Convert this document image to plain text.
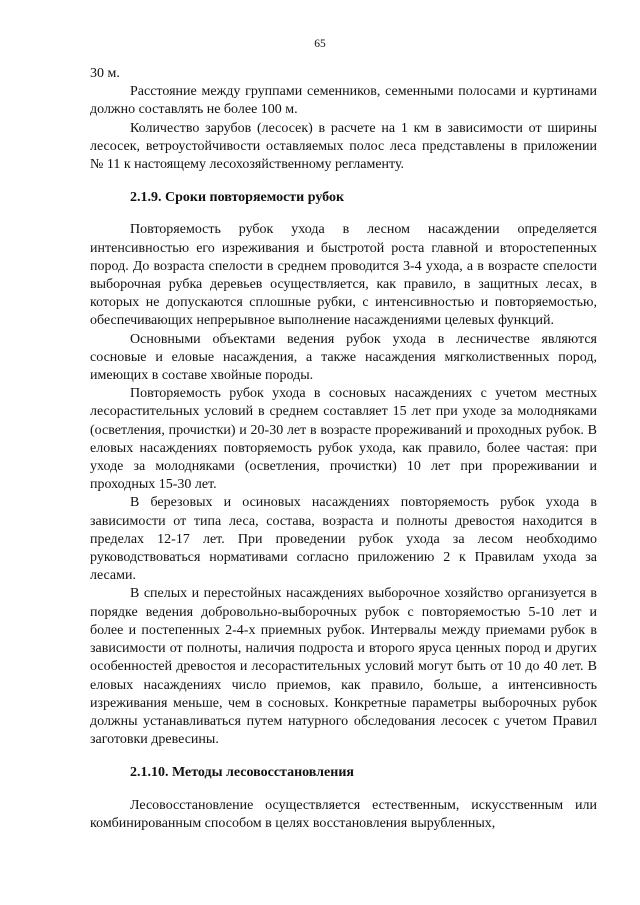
65

30 м.

Расстояние между группами семенников, семенными полосами и куртинами должно составлять не более 100 м.

Количество зарубов (лесосек) в расчете на 1 км в зависимости от ширины лесосек, ветроустойчивости оставляемых полос леса представлены в приложении № 11 к настоящему лесохозяйственному регламенту.

2.1.9. Сроки повторяемости рубок

Повторяемость рубок ухода в лесном насаждении определяется интенсивностью его изреживания и быстротой роста главной и второстепенных пород. До возраста спелости в среднем проводится 3-4 ухода, а в возрасте спелости выборочная рубка деревьев осуществляется, как правило, в защитных лесах, в которых не допускаются сплошные рубки, с интенсивностью и повторяемостью, обеспечивающих непрерывное выполнение насаждениями целевых функций.

Основными объектами ведения рубок ухода в лесничестве являются сосновые и еловые насаждения, а также насаждения мягколиственных пород, имеющих в составе хвойные породы.

Повторяемость рубок ухода в сосновых насаждениях с учетом местных лесорастительных условий в среднем составляет 15 лет при уходе за молодняками (осветления, прочистки) и 20-30 лет в возрасте прореживаний и проходных рубок. В еловых насаждениях повторяемость рубок ухода, как правило, более частая: при уходе за молодняками (осветления, прочистки) 10 лет при прореживании и проходных 15-30 лет.

В березовых и осиновых насаждениях повторяемость рубок ухода в зависимости от типа леса, состава, возраста и полноты древостоя находится в пределах 12-17 лет. При проведении рубок ухода за лесом необходимо руководствоваться нормативами согласно приложению 2 к Правилам ухода за лесами.

В спелых и перестойных насаждениях выборочное хозяйство организуется в порядке ведения добровольно-выборочных рубок с повторяемостью 5-10 лет и более и постепенных 2-4-х приемных рубок. Интервалы между приемами рубок в зависимости от полноты, наличия подроста и второго яруса ценных пород и других особенностей древостоя и лесорастительных условий могут быть от 10 до 40 лет. В еловых насаждениях число приемов, как правило, больше, а интенсивность изреживания меньше, чем в сосновых. Конкретные параметры выборочных рубок должны устанавливаться путем натурного обследования лесосек с учетом Правил заготовки древесины.

2.1.10. Методы лесовосстановления

Лесовосстановление осуществляется естественным, искусственным или комбинированным способом в целях восстановления вырубленных,
